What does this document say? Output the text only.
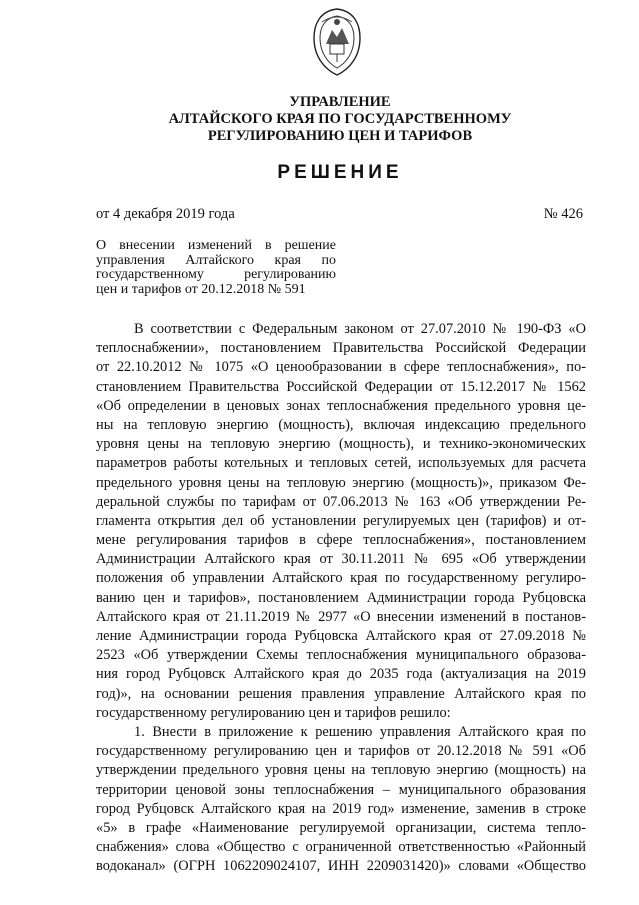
УПРАВЛЕНИЕ
АЛТАЙСКОГО КРАЯ ПО ГОСУДАРСТВЕННОМУ
РЕГУЛИРОВАНИЮ ЦЕН И ТАРИФОВ
РЕШЕНИЕ
от 4 декабря 2019 года	№ 426
О внесении изменений в решение
управления Алтайского края по
государственному регулированию
цен и тарифов от 20.12.2018 № 591
В соответствии с Федеральным законом от 27.07.2010 № 190-ФЗ «О
теплоснабжении», постановлением Правительства Российской Федерации
от 22.10.2012 № 1075 «О ценообразовании в сфере теплоснабжения», по-
становлением Правительства Российской Федерации от 15.12.2017 № 1562
«Об определении в ценовых зонах теплоснабжения предельного уровня це-
ны на тепловую энергию (мощность), включая индексацию предельного
уровня цены на тепловую энергию (мощность), и технико-экономических
параметров работы котельных и тепловых сетей, используемых для расчета
предельного уровня цены на тепловую энергию (мощность)», приказом Фе-
деральной службы по тарифам от 07.06.2013 № 163 «Об утверждении Ре-
гламента открытия дел об установлении регулируемых цен (тарифов) и от-
мене регулирования тарифов в сфере теплоснабжения», постановлением
Администрации Алтайского края от 30.11.2011 № 695 «Об утверждении
положения об управлении Алтайского края по государственному регулиро-
ванию цен и тарифов», постановлением Администрации города Рубцовска
Алтайского края от 21.11.2019 № 2977 «О внесении изменений в постанов-
ление Администрации города Рубцовска Алтайского края от 27.09.2018 №
2523 «Об утверждении Схемы теплоснабжения муниципального образова-
ния город Рубцовск Алтайского края до 2035 года (актуализация на 2019
год)», на основании решения правления управление Алтайского края по
государственному регулированию цен и тарифов решило:
1. Внести в приложение к решению управления Алтайского края по
государственному регулированию цен и тарифов от 20.12.2018 № 591 «Об
утверждении предельного уровня цены на тепловую энергию (мощность) на
территории ценовой зоны теплоснабжения – муниципального образования
город Рубцовск Алтайского края на 2019 год» изменение, заменив в строке
«5» в графе «Наименование регулируемой организации, система тепло-
снабжения» слова «Общество с ограниченной ответственностью «Районный
водоканал» (ОГРН 1062209024107, ИНН 2209031420)» словами «Общество
